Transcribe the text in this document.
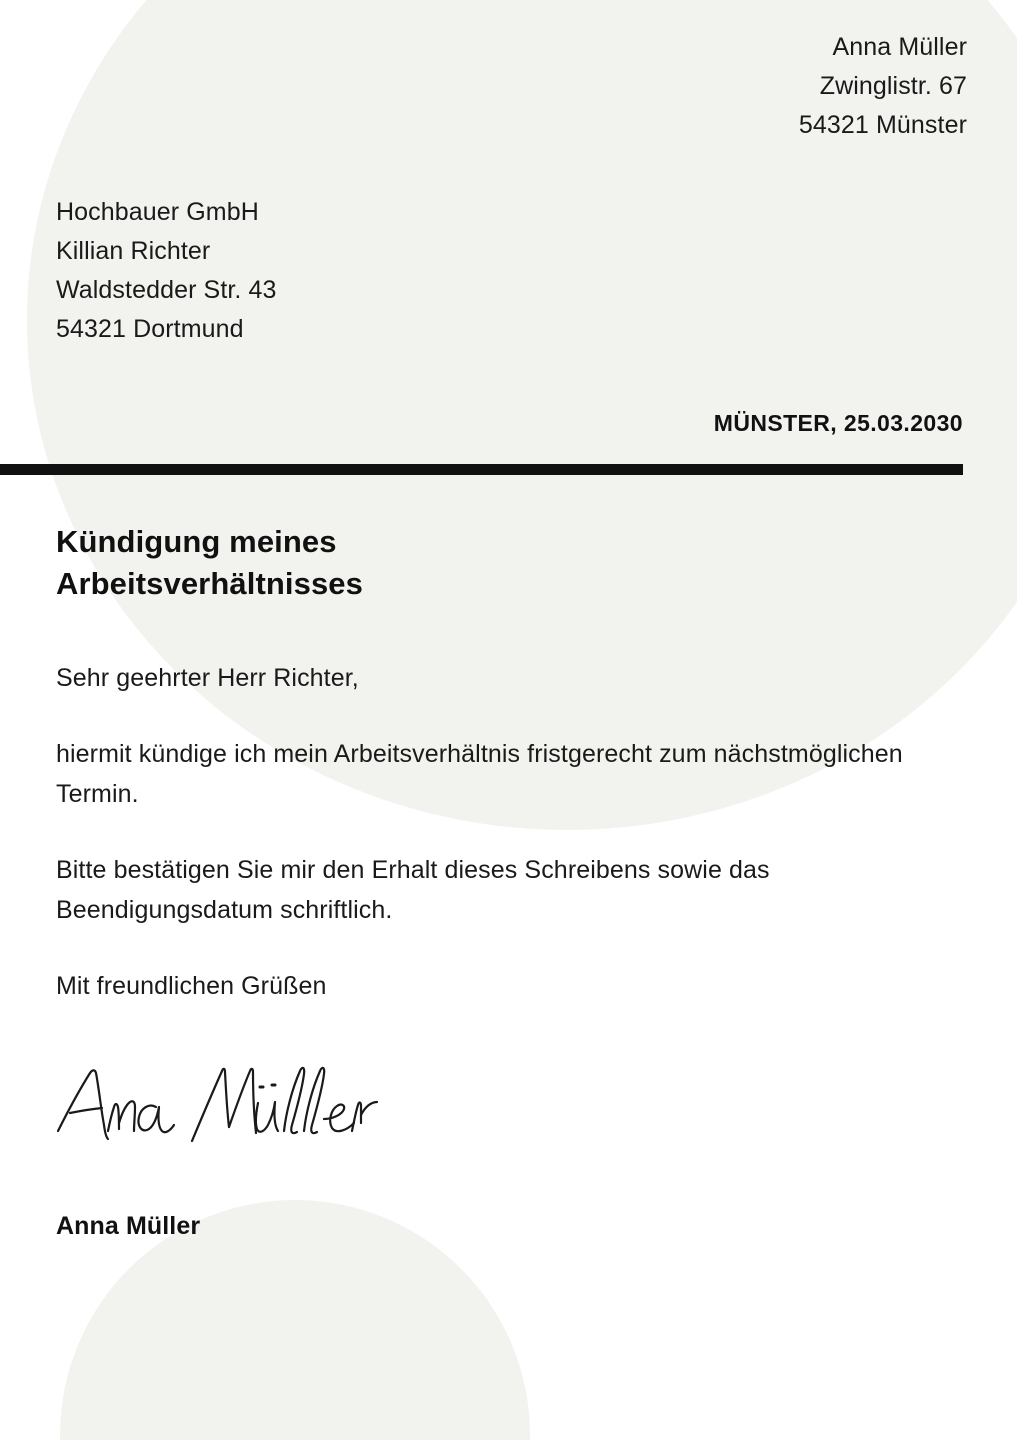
Anna Müller
Zwinglistr. 67
54321 Münster
Hochbauer GmbH
Killian Richter
Waldstedder Str. 43
54321 Dortmund
MÜNSTER, 25.03.2030
Kündigung meines Arbeitsverhältnisses

Sehr geehrter Herr Richter,

hiermit kündige ich mein Arbeitsverhältnis fristgerecht zum nächstmöglichen Termin.

Bitte bestätigen Sie mir den Erhalt dieses Schreibens sowie das Beendigungsdatum schriftlich.

Mit freundlichen Grüßen

Anna Müller
